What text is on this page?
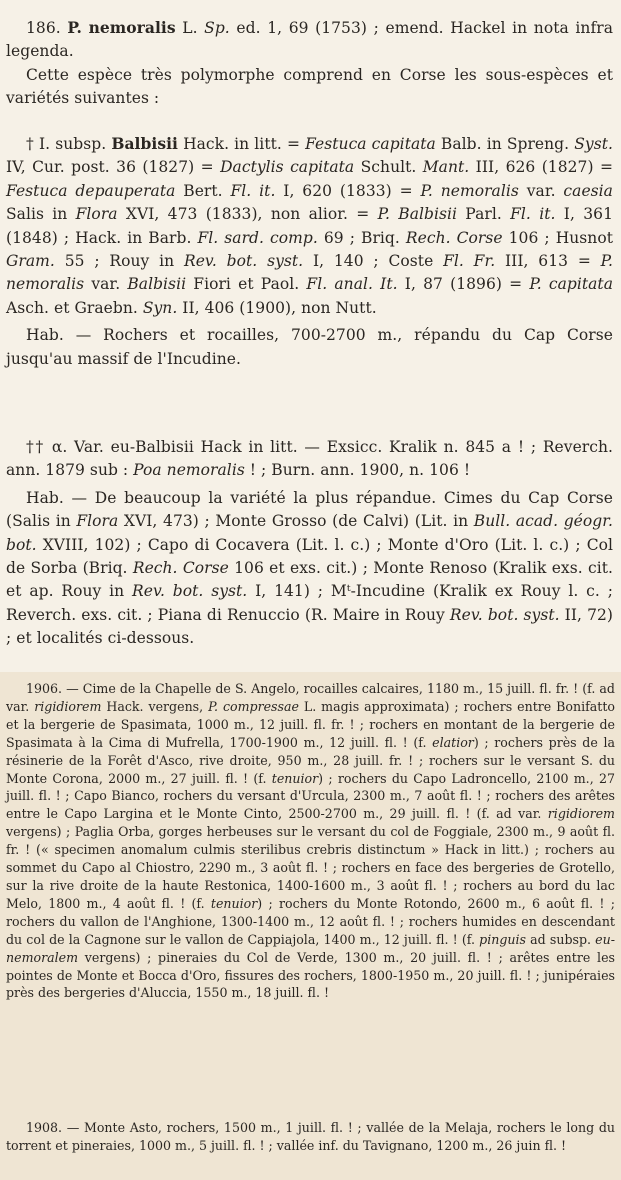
186. P. nemoralis L. Sp. ed. 1, 69 (1753) ; emend. Hackel in nota infra legenda.

Cette espèce très polymorphe comprend en Corse les sous-espèces et variétés suivantes :

† I. subsp. Balbisii Hack. in litt. = Festuca capitata Balb. in Spreng. Syst. IV, Cur. post. 36 (1827) = Dactylis capitata Schult. Mant. III, 626 (1827) = Festuca depauperata Bert. Fl. it. I, 620 (1833) = P. nemoralis var. caesia Salis in Flora XVI, 473 (1833), non alior. = P. Balbisii Parl. Fl. it. I, 361 (1848) ; Hack. in Barb. Fl. sard. comp. 69 ; Briq. Rech. Corse 106 ; Husnot Gram. 55 ; Rouy in Rev. bot. syst. I, 140 ; Coste Fl. Fr. III, 613 = P. nemoralis var. Balbisii Fiori et Paol. Fl. anal. It. I, 87 (1896) = P. capitata Asch. et Graebn. Syn. II, 406 (1900), non Nutt.

Hab. — Rochers et rocailles, 700-2700 m., répandu du Cap Corse jusqu'au massif de l'Incudine.

†† α. Var. eu-Balbisii Hack in litt. — Exsicc. Kralik n. 845 a ! ; Reverch. ann. 1879 sub : Poa nemoralis ! ; Burn. ann. 1900, n. 106 !

Hab. — De beaucoup la variété la plus répandue. Cimes du Cap Corse (Salis in Flora XVI, 473) ; Monte Grosso (de Calvi) (Lit. in Bull. acad. géogr. bot. XVIII, 102) ; Capo di Cocavera (Lit. l. c.) ; Monte d'Oro (Lit. l. c.) ; Col de Sorba (Briq. Rech. Corse 106 et exs. cit.) ; Monte Renoso (Kralik exs. cit. et ap. Rouy in Rev. bot. syst. I, 141) ; Mᵗ-Incudine (Kralik ex Rouy l. c. ; Reverch. exs. cit. ; Piana di Renuccio (R. Maire in Rouy Rev. bot. syst. II, 72) ; et localités ci-dessous.

1906. — Cime de la Chapelle de S. Angelo, rocailles calcaires, 1180 m., 15 juill. fl. fr. ! (f. ad var. rigidiorem Hack. vergens, P. compressae L. magis approximata) ; rochers entre Bonifatto et la bergerie de Spasimata, 1000 m., 12 juill. fl. fr. ! ; rochers en montant de la bergerie de Spasimata à la Cima di Mufrella, 1700-1900 m., 12 juill. fl. ! (f. elatior) ; rochers près de la résinerie de la Forêt d'Asco, rive droite, 950 m., 28 juill. fr. ! ; rochers sur le versant S. du Monte Corona, 2000 m., 27 juill. fl. ! (f. tenuior) ; rochers du Capo Ladroncello, 2100 m., 27 juill. fl. ! ; Capo Bianco, rochers du versant d'Urcula, 2300 m., 7 août fl. ! ; rochers des arêtes entre le Capo Largina et le Monte Cinto, 2500-2700 m., 29 juill. fl. ! (f. ad var. rigidiorem vergens) ; Paglia Orba, gorges herbeuses sur le versant du col de Foggiale, 2300 m., 9 août fl. fr. ! (« specimen anomalum culmis sterilibus crebris distinctum » Hack in litt.) ; rochers au sommet du Capo al Chiostro, 2290 m., 3 août fl. ! ; rochers en face des bergeries de Grotello, sur la rive droite de la haute Restonica, 1400-1600 m., 3 août fl. ! ; rochers au bord du lac Melo, 1800 m., 4 août fl. ! (f. tenuior) ; rochers du Monte Rotondo, 2600 m., 6 août fl. ! ; rochers du vallon de l'Anghione, 1300-1400 m., 12 août fl. ! ; rochers humides en descendant du col de la Cagnone sur le vallon de Cappiajola, 1400 m., 12 juill. fl. ! (f. pinguis ad subsp. eu-nemoralem vergens) ; pineraies du Col de Verde, 1300 m., 20 juill. fl. ! ; arêtes entre les pointes de Monte et Bocca d'Oro, fissures des rochers, 1800-1950 m., 20 juill. fl. ! ; junipéraies près des bergeries d'Aluccia, 1550 m., 18 juill. fl. !

1908. — Monte Asto, rochers, 1500 m., 1 juill. fl. ! ; vallée de la Melaja, rochers le long du torrent et pineraies, 1000 m., 5 juill. fl. ! ; vallée inf. du Tavignano, 1200 m., 26 juin fl. !
